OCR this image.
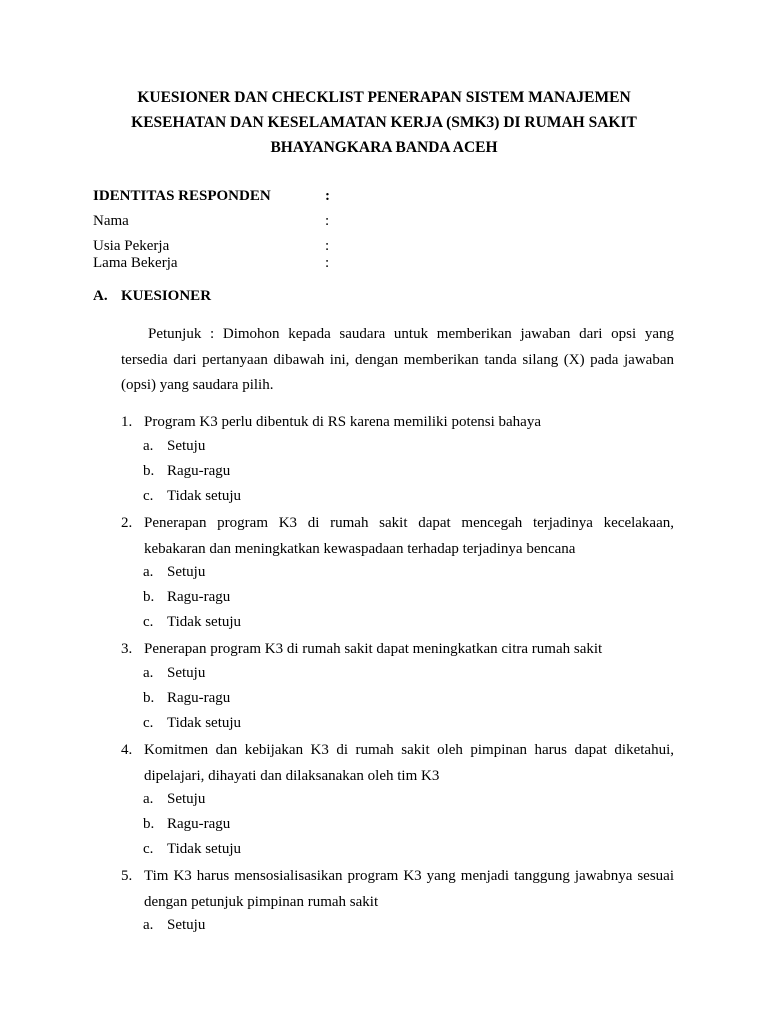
KUESIONER DAN CHECKLIST PENERAPAN SISTEM MANAJEMEN
KESEHATAN DAN KESELAMATAN KERJA (SMK3) DI RUMAH SAKIT
BHAYANGKARA BANDA ACEH
IDENTITAS RESPONDEN	:
Nama	:
Usia Pekerja	:
Lama Bekerja	:
A. KUESIONER
Petunjuk : Dimohon kepada saudara untuk memberikan jawaban dari opsi yang tersedia dari pertanyaan dibawah ini, dengan memberikan tanda silang (X) pada jawaban (opsi) yang saudara pilih.
1. Program K3 perlu dibentuk di RS karena memiliki potensi bahaya
a. Setuju
b. Ragu-ragu
c. Tidak setuju
2. Penerapan program K3 di rumah sakit dapat mencegah terjadinya kecelakaan, kebakaran dan meningkatkan kewaspadaan terhadap terjadinya bencana
a. Setuju
b. Ragu-ragu
c. Tidak setuju
3. Penerapan program K3 di rumah sakit dapat meningkatkan citra rumah sakit
a. Setuju
b. Ragu-ragu
c. Tidak setuju
4. Komitmen dan kebijakan K3 di rumah sakit oleh pimpinan harus dapat diketahui, dipelajari, dihayati dan dilaksanakan oleh tim K3
a. Setuju
b. Ragu-ragu
c. Tidak setuju
5. Tim K3 harus mensosialisasikan program K3 yang menjadi tanggung jawabnya sesuai dengan petunjuk pimpinan rumah sakit
a. Setuju
